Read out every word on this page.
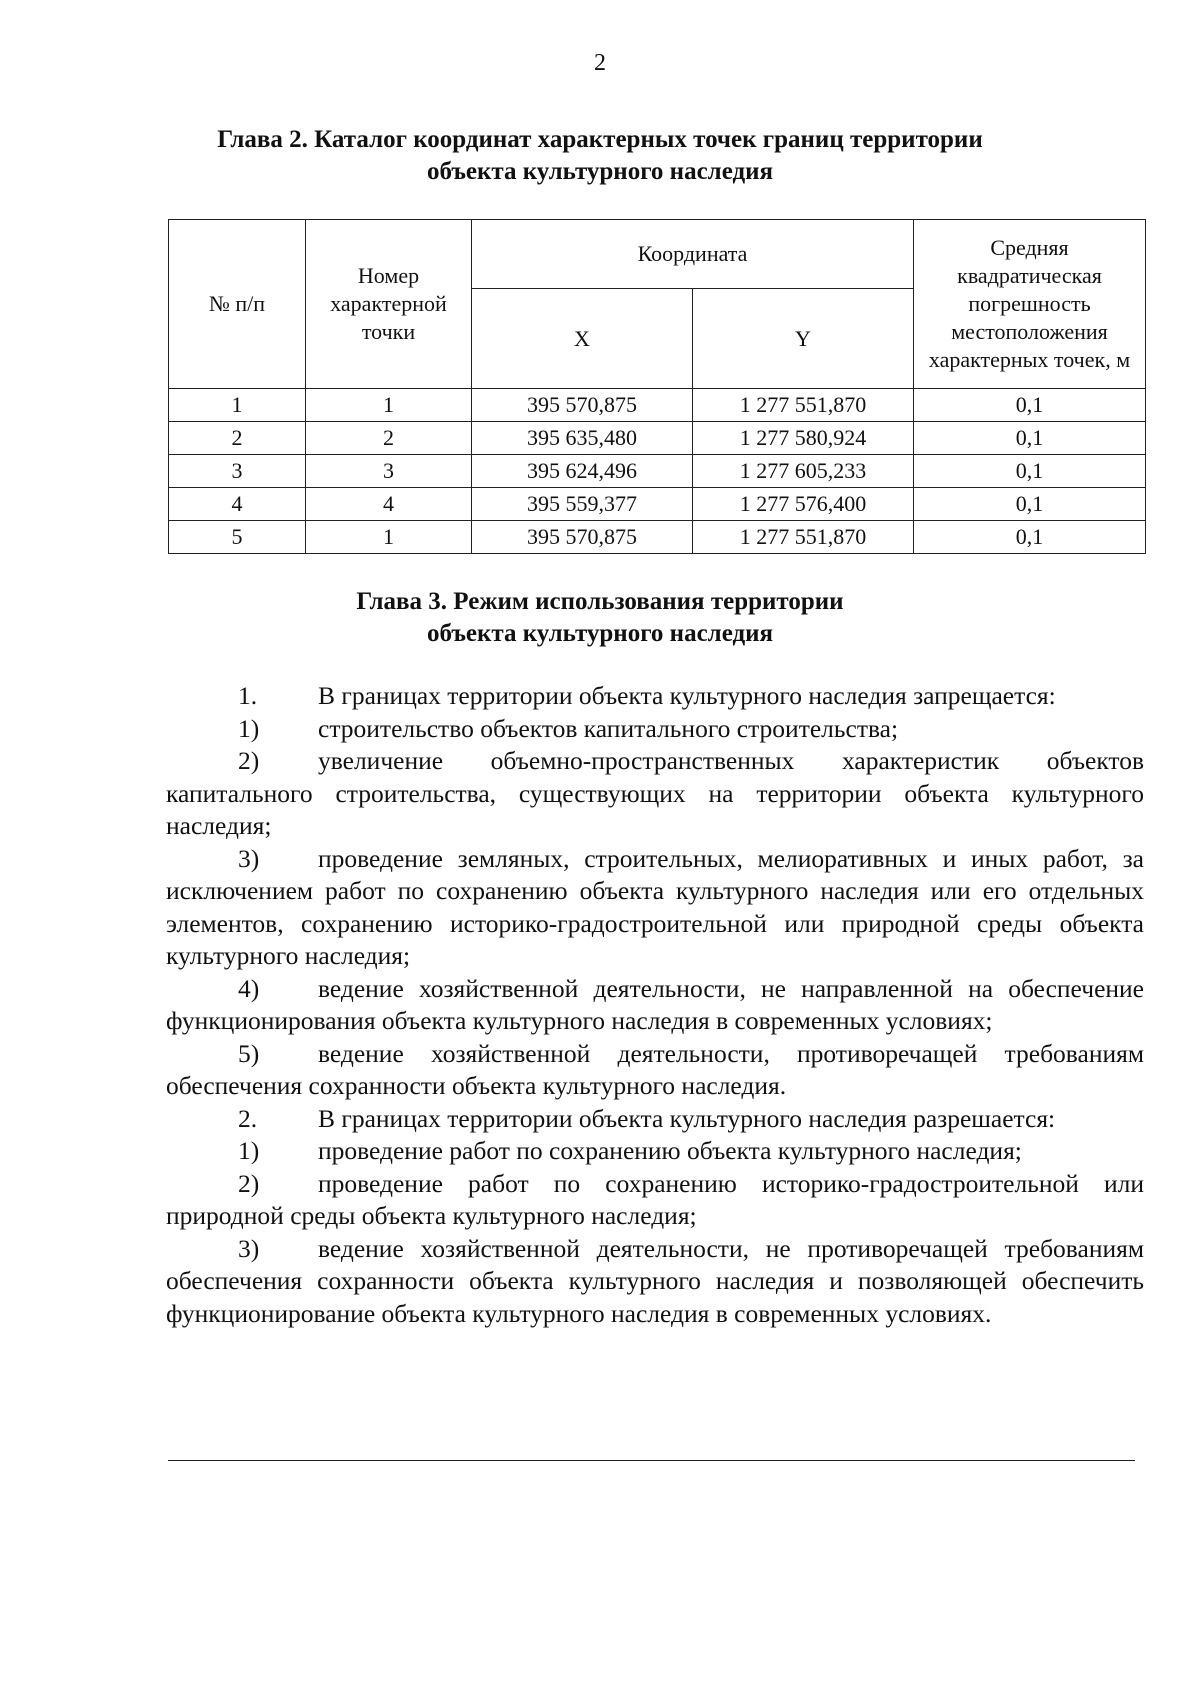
2
Глава 2. Каталог координат характерных точек границ территории
объекта культурного наследия
№ п/п	Номер характерной точки	Координата		Средняя квадратическая погрешность местоположения характерных точек, м
		X	Y	
1	1	395 570,875	1 277 551,870	0,1
2	2	395 635,480	1 277 580,924	0,1
3	3	395 624,496	1 277 605,233	0,1
4	4	395 559,377	1 277 576,400	0,1
5	1	395 570,875	1 277 551,870	0,1
Глава 3. Режим использования территории
объекта культурного наследия

1. В границах территории объекта культурного наследия запрещается:

1) строительство объектов капитального строительства;

2) увеличение объемно-пространственных характеристик объектов капитального строительства, существующих на территории объекта культурного наследия;

3) проведение земляных, строительных, мелиоративных и иных работ, за исключением работ по сохранению объекта культурного наследия или его отдельных элементов, сохранению историко-градостроительной или природной среды объекта культурного наследия;

4) ведение хозяйственной деятельности, не направленной на обеспечение функционирования объекта культурного наследия в современных условиях;

5) ведение хозяйственной деятельности, противоречащей требованиям обеспечения сохранности объекта культурного наследия.

2. В границах территории объекта культурного наследия разрешается:

1) проведение работ по сохранению объекта культурного наследия;

2) проведение работ по сохранению историко-градостроительной или природной среды объекта культурного наследия;

3) ведение хозяйственной деятельности, не противоречащей требованиям обеспечения сохранности объекта культурного наследия и позволяющей обеспечить функционирование объекта культурного наследия в современных условиях.
